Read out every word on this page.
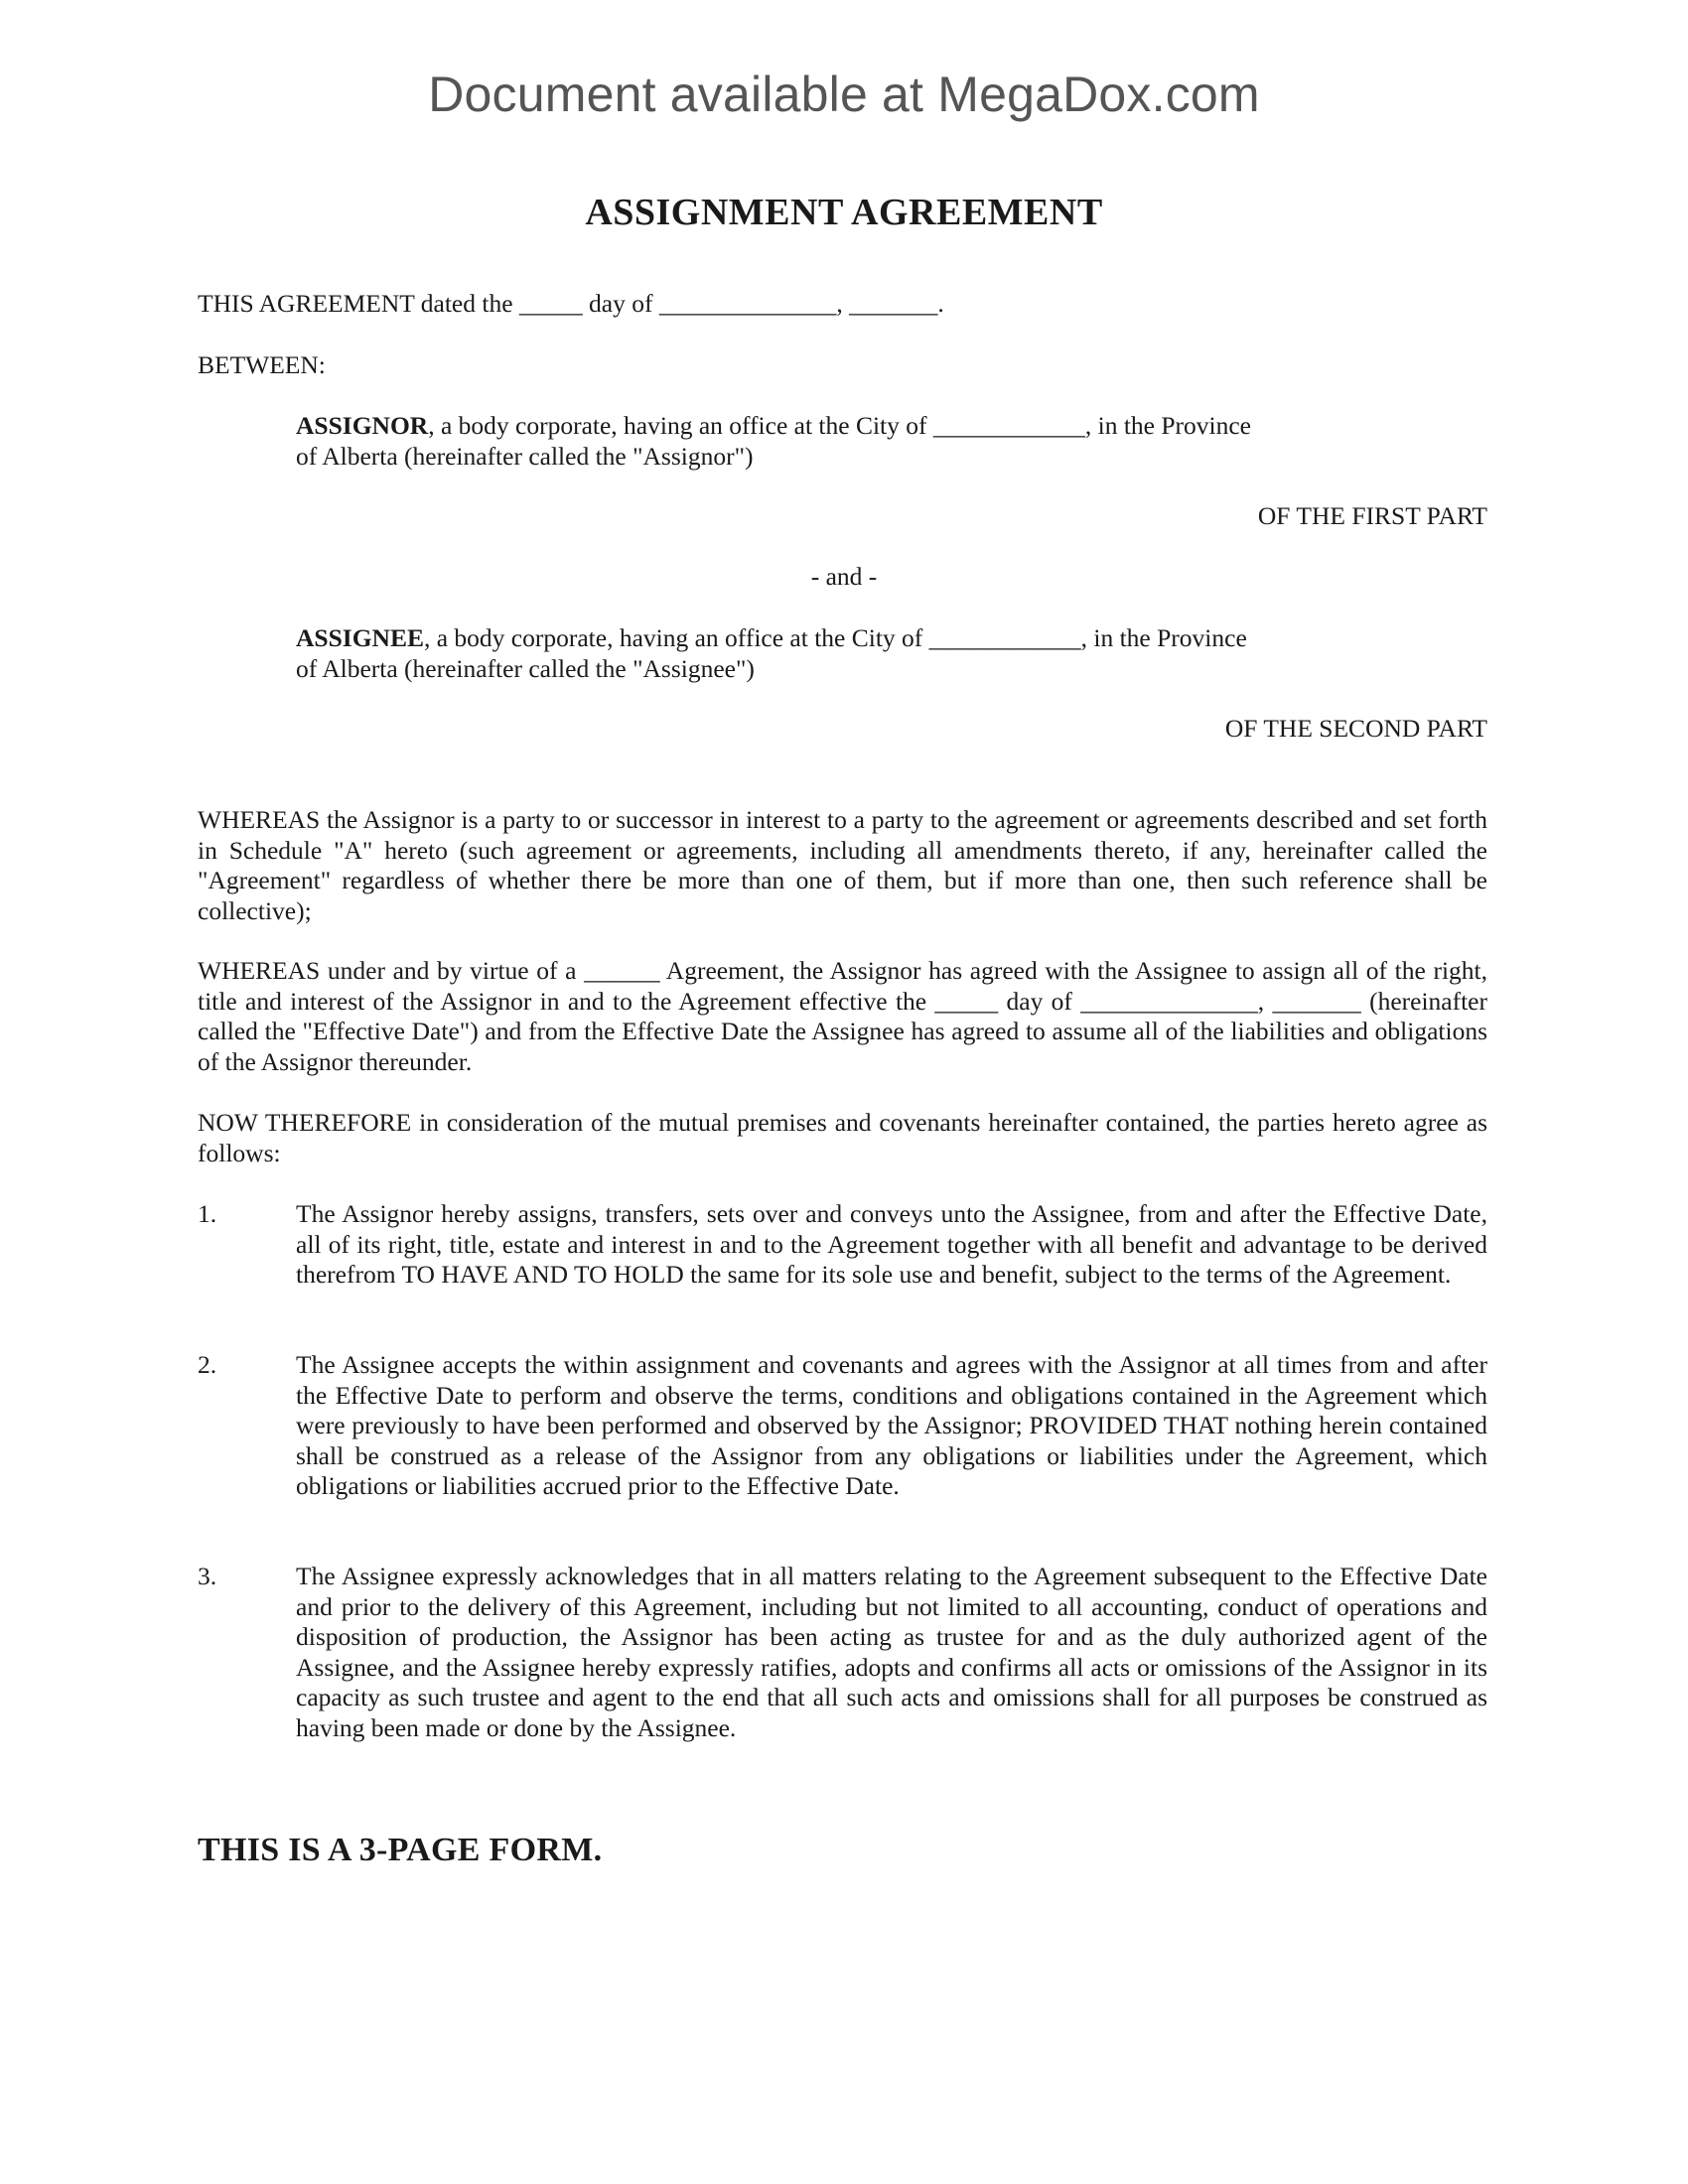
Document available at MegaDox.com
ASSIGNMENT AGREEMENT

THIS AGREEMENT dated the _____ day of ______________, _______.

BETWEEN:

ASSIGNOR, a body corporate, having an office at the City of ____________, in the Province

of Alberta (hereinafter called the "Assignor")

OF THE FIRST PART

- and -

ASSIGNEE, a body corporate, having an office at the City of ____________, in the Province

of Alberta (hereinafter called the "Assignee")

OF THE SECOND PART

WHEREAS the Assignor is a party to or successor in interest to a party to the agreement or agreements described and set forth in Schedule "A" hereto (such agreement or agreements, including all amendments thereto, if any, hereinafter called the "Agreement" regardless of whether there be more than one of them, but if more than one, then such reference shall be collective);

WHEREAS under and by virtue of a ______ Agreement, the Assignor has agreed with the Assignee to assign all of the right, title and interest of the Assignor in and to the Agreement effective the _____ day of ______________, _______ (hereinafter called the "Effective Date") and from the Effective Date the Assignee has agreed to assume all of the liabilities and obligations of the Assignor thereunder.

NOW THEREFORE in consideration of the mutual premises and covenants hereinafter contained, the parties hereto agree as follows:

1.	The Assignor hereby assigns, transfers, sets over and conveys unto the Assignee, from and after the Effective Date, all of its right, title, estate and interest in and to the Agreement together with all benefit and advantage to be derived therefrom TO HAVE AND TO HOLD the same for its sole use and benefit, subject to the terms of the Agreement.

2.	The Assignee accepts the within assignment and covenants and agrees with the Assignor at all times from and after the Effective Date to perform and observe the terms, conditions and obligations contained in the Agreement which were previously to have been performed and observed by the Assignor; PROVIDED THAT nothing herein contained shall be construed as a release of the Assignor from any obligations or liabilities under the Agreement, which obligations or liabilities accrued prior to the Effective Date.

3.	The Assignee expressly acknowledges that in all matters relating to the Agreement subsequent to the Effective Date and prior to the delivery of this Agreement, including but not limited to all accounting, conduct of operations and disposition of production, the Assignor has been acting as trustee for and as the duly authorized agent of the Assignee, and the Assignee hereby expressly ratifies, adopts and confirms all acts or omissions of the Assignor in its capacity as such trustee and agent to the end that all such acts and omissions shall for all purposes be construed as having been made or done by the Assignee.

THIS IS A 3-PAGE FORM.
